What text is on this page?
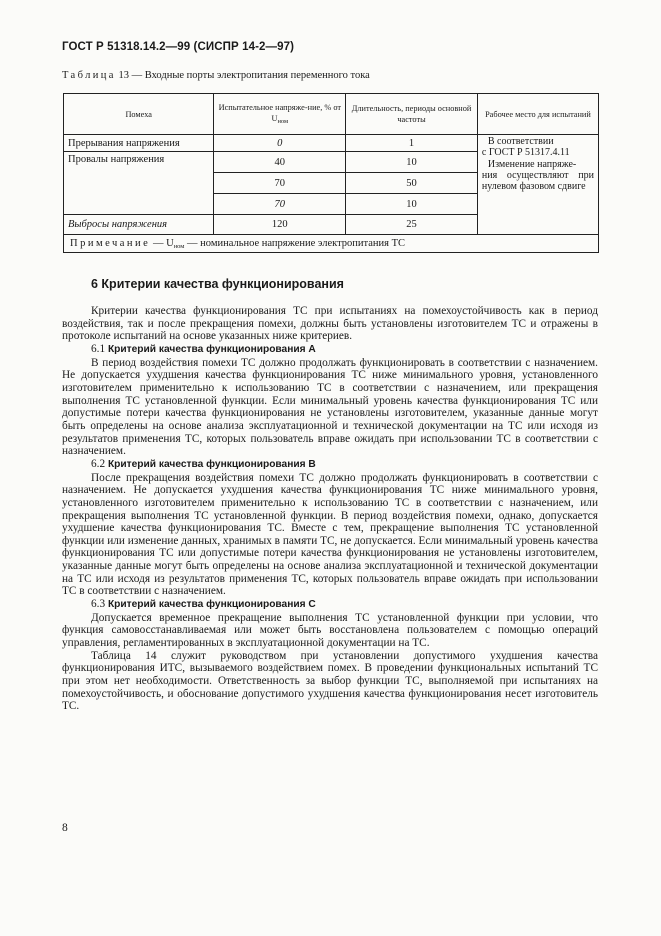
ГОСТ Р 51318.14.2—99 (СИСПР 14-2—97)
Таблица 13 — Входные порты электропитания переменного тока
Помеха	Испытательное напряже-ние, % от $U_{ном}$	Длительность, периоды основной частоты	Рабочее место для испытаний
Прерывания напряжения	0	1	В соответствии
с ГОСТ Р 51317.4.11
Изменение напряже-
ния осуществляют при
нулевом фазовом сдвиге

Провалы напряжения	40	10	
	70	50	
	70	10	
Выбросы напряжения	120	25	
Примечание — $U_{ном}$ — номинальное напряжение электропитания ТС			
6 Критерии качества функционирования

Критерии качества функционирования ТС при испытаниях на помехоустойчивость как в период воздействия, так и после прекращения помехи, должны быть установлены изготовителем ТС и отражены в протоколе испытаний на основе указанных ниже критериев.

6.1 Критерий качества функционирования А

В период воздействия помехи ТС должно продолжать функционировать в соответствии с назначением. Не допускается ухудшения качества функционирования ТС ниже минимального уровня, установленного изготовителем применительно к использованию ТС в соответствии с назначением, или прекращения выполнения ТС установленной функции. Если минимальный уровень качества функционирования ТС или допустимые потери качества функционирования не установлены изготовителем, указанные данные могут быть определены на основе анализа эксплуатационной и технической документации на ТС или исходя из результатов применения ТС, которых пользователь вправе ожидать при использовании ТС в соответствии с назначением.

6.2 Критерий качества функционирования В

После прекращения воздействия помехи ТС должно продолжать функционировать в соответствии с назначением. Не допускается ухудшения качества функционирования ТС ниже минимального уровня, установленного изготовителем применительно к использованию ТС в соответствии с назначением, или прекращения выполнения ТС установленной функции. В период воздействия помехи, однако, допускается ухудшение качества функционирования ТС. Вместе с тем, прекращение выполнения ТС установленной функции или изменение данных, хранимых в памяти ТС, не допускается. Если минимальный уровень качества функционирования ТС или допустимые потери качества функционирования не установлены изготовителем, указанные данные могут быть определены на основе анализа эксплуатационной и технической документации на ТС или исходя из результатов применения ТС, которых пользователь вправе ожидать при использовании ТС в соответствии с назначением.

6.3 Критерий качества функционирования С

Допускается временное прекращение выполнения ТС установленной функции при условии, что функция самовосстанавливаемая или может быть восстановлена пользователем с помощью операций управления, регламентированных в эксплуатационной документации на ТС.

Таблица 14 служит руководством при установлении допустимого ухудшения качества функционирования ИТС, вызываемого воздействием помех. В проведении функциональных испытаний ТС при этом нет необходимости. Ответственность за выбор функции ТС, выполняемой при испытаниях на помехоустойчивость, и обоснование допустимого ухудшения качества функционирования несет изготовитель ТС.

8
